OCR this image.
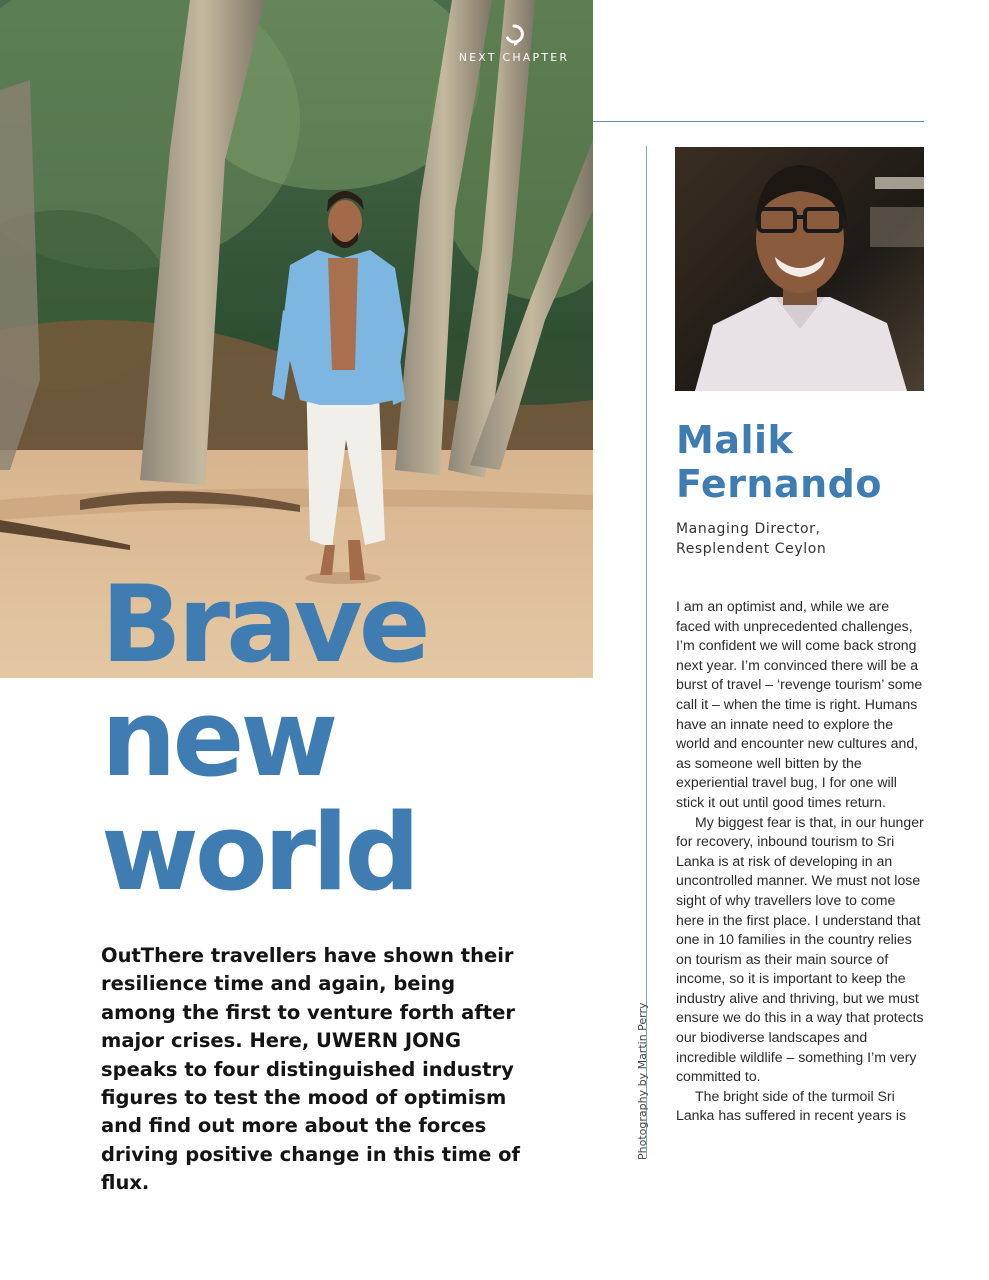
NEXT CHAPTER
Brave
new
world

OutThere travellers have shown their resilience time and again, being among the first to venture forth after major crises. Here, UWERN JONG speaks to four distinguished industry figures to test the mood of optimism and find out more about the forces driving positive change in this time of flux.

Photography by Martin Perry
Malik
Fernando

Managing Director,
Resplendent Ceylon

I am an optimist and, while we are faced with unprecedented challenges, I’m confident we will come back strong next year. I’m convinced there will be a burst of travel – ‘revenge tourism’ some call it – when the time is right. Humans have an innate need to explore the world and encounter new cultures and, as someone well bitten by the experiential travel bug, I for one will stick it out until good times return.

My biggest fear is that, in our hunger for recovery, inbound tourism to Sri Lanka is at risk of developing in an uncontrolled manner. We must not lose sight of why travellers love to come here in the first place. I understand that one in 10 families in the country relies on tourism as their main source of income, so it is important to keep the industry alive and thriving, but we must ensure we do this in a way that protects our biodiverse landscapes and incredible wildlife – something I’m very committed to.

The bright side of the turmoil Sri Lanka has suffered in recent years is
